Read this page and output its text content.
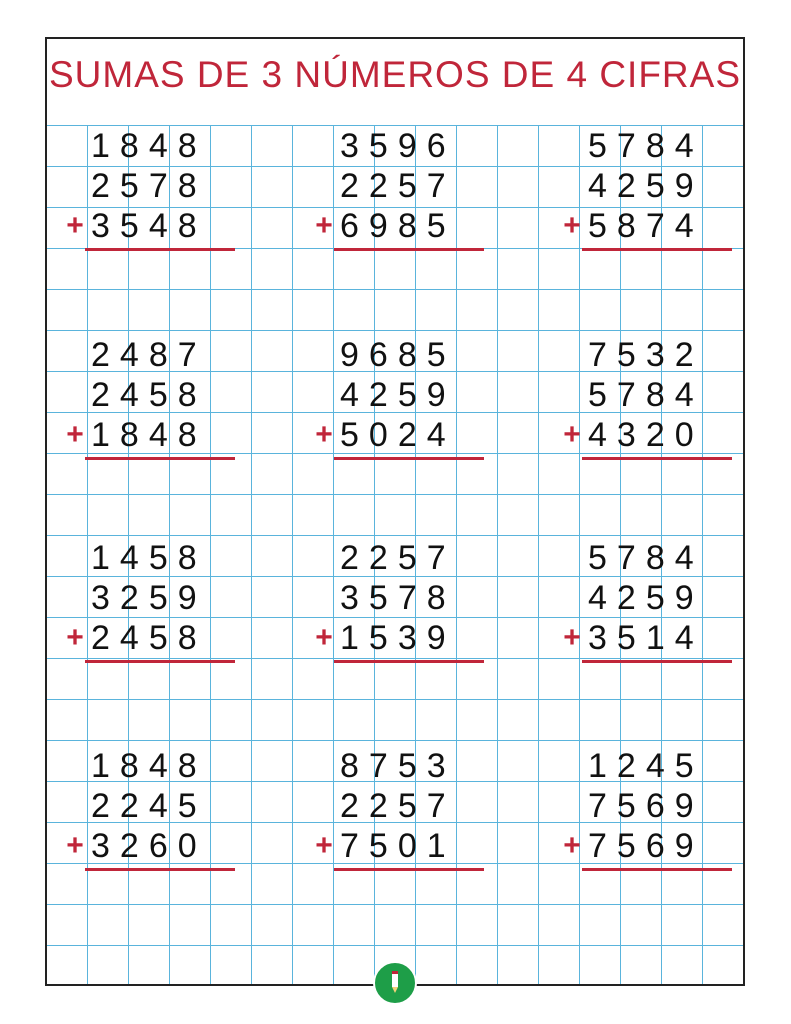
SUMAS DE 3 NÚMEROS DE 4 CIFRAS
1848
2578
3548
+
3596
2257
6985
+
5784
4259
5874
+
2487
2458
1848
+
9685
4259
5024
+
7532
5784
4320
+
1458
3259
2458
+
2257
3578
1539
+
5784
4259
3514
+
1848
2245
3260
+
8753
2257
7501
+
1245
7569
7569
+
